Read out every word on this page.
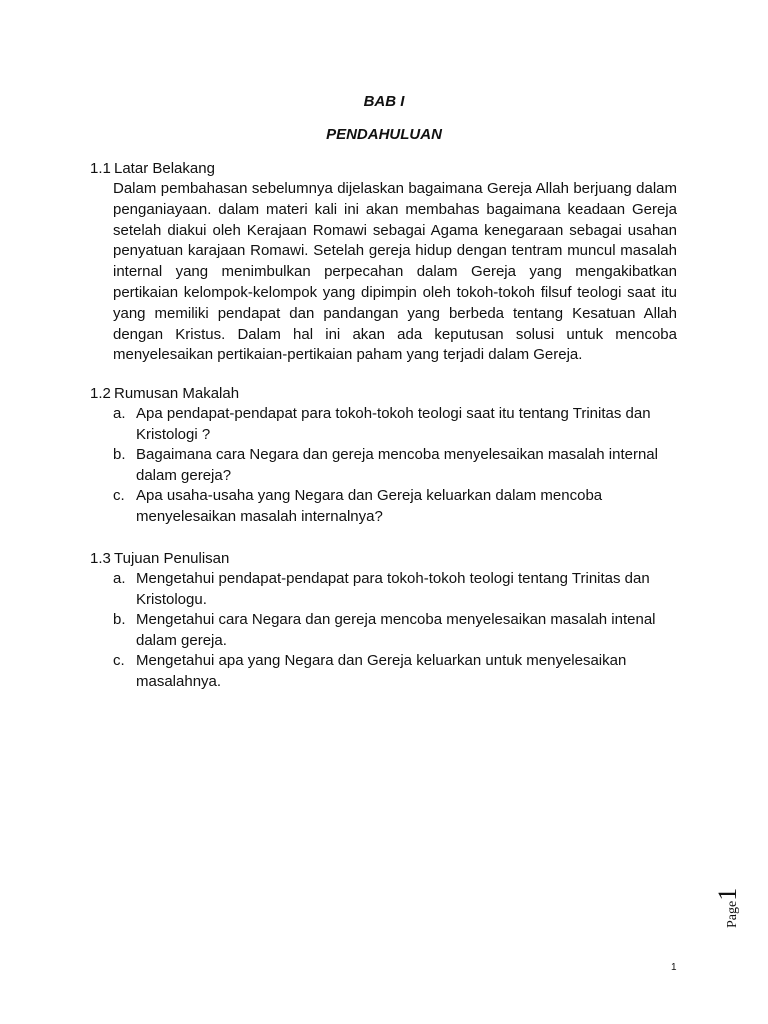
BAB I
PENDAHULUAN
1.1 Latar Belakang

Dalam pembahasan sebelumnya dijelaskan bagaimana Gereja Allah berjuang dalam penganiayaan. dalam materi kali ini akan membahas bagaimana keadaan Gereja setelah diakui oleh Kerajaan Romawi sebagai Agama kenegaraan sebagai usahan penyatuan karajaan Romawi. Setelah gereja hidup dengan tentram muncul masalah internal yang menimbulkan perpecahan dalam Gereja yang mengakibatkan pertikaian kelompok-kelompok yang dipimpin oleh tokoh-tokoh filsuf teologi saat itu yang memiliki pendapat dan pandangan yang berbeda tentang Kesatuan Allah dengan Kristus. Dalam hal ini akan ada keputusan solusi untuk mencoba menyelesaikan pertikaian-pertikaian paham yang terjadi dalam Gereja.

1.2 Rumusan Makalah
a. Apa pendapat-pendapat para tokoh-tokoh teologi saat itu tentang Trinitas dan Kristologi ?
b. Bagaimana cara Negara dan gereja mencoba menyelesaikan masalah internal dalam gereja?
c. Apa usaha-usaha yang Negara dan Gereja keluarkan dalam mencoba menyelesaikan masalah internalnya?
1.3 Tujuan Penulisan
a. Mengetahui pendapat-pendapat para tokoh-tokoh teologi tentang Trinitas dan Kristologu.
b. Mengetahui cara Negara dan gereja mencoba menyelesaikan masalah intenal dalam gereja.
c. Mengetahui apa yang Negara dan Gereja keluarkan untuk menyelesaikan masalahnya.
Page1
1
